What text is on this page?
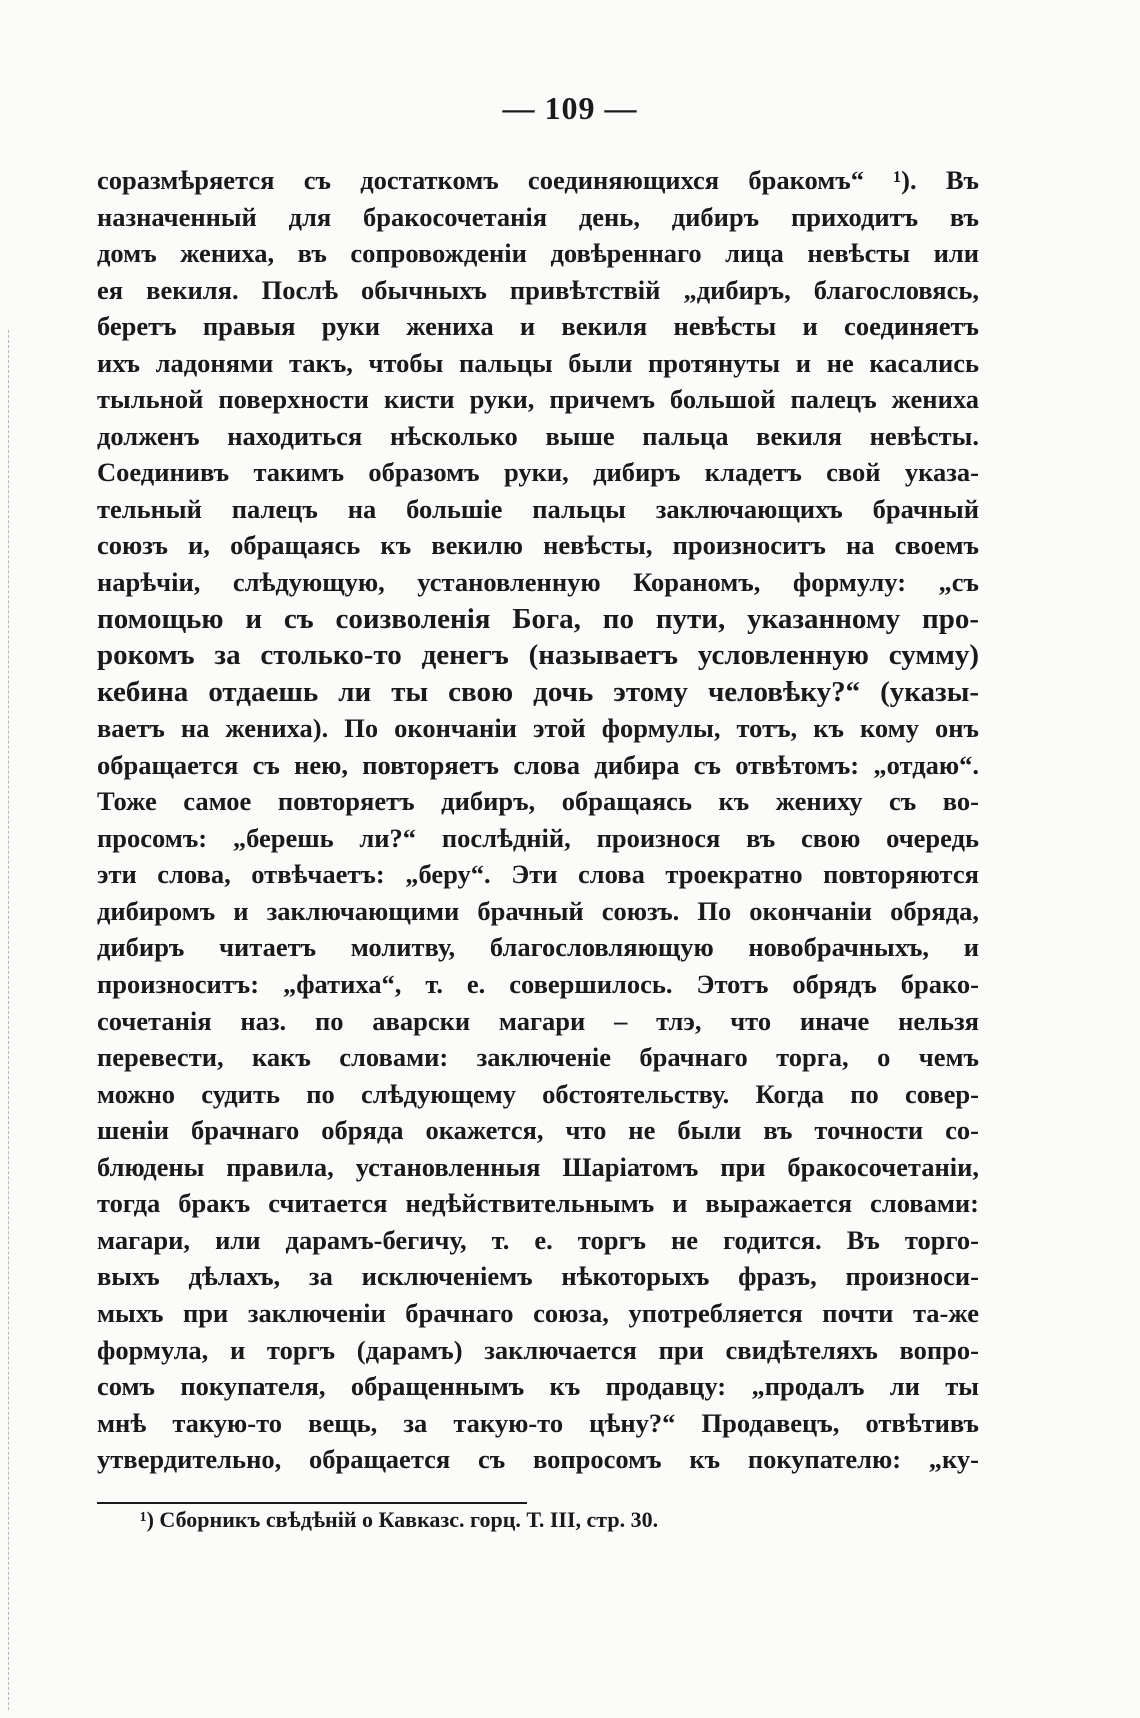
— 109 —
соразмѣряется съ достаткомъ соединяющихся бракомъ“ ¹). Въ
назначенный для бракосочетанія день, дибиръ приходитъ въ
домъ жениха, въ сопровожденіи довѣреннаго лица невѣсты или
ея векиля. Послѣ обычныхъ привѣтствій „дибиръ, благословясь,
беретъ правыя руки жениха и векиля невѣсты и соединяетъ
ихъ ладонями такъ, чтобы пальцы были протянуты и не касались
тыльной поверхности кисти руки, причемъ большой палецъ жениха
долженъ находиться нѣсколько выше пальца векиля невѣсты.
Соединивъ такимъ образомъ руки, дибиръ кладетъ свой указа-
тельный палецъ на большіе пальцы заключающихъ брачный
союзъ и, обращаясь къ векилю невѣсты, произноситъ на своемъ
нарѣчіи, слѣдующую, установленную Кораномъ, формулу: „съ
помощью и съ соизволенія Бога, по пути, указанному про-
рокомъ за столько-то денегъ (называетъ условленную сумму)
кебина отдаешь ли ты свою дочь этому человѣку?“ (указы-
ваетъ на жениха). По окончаніи этой формулы, тотъ, къ кому онъ
обращается съ нею, повторяетъ слова дибира съ отвѣтомъ: „отдаю“.
Тоже самое повторяетъ дибиръ, обращаясь къ жениху съ во-
просомъ: „берешь ли?“ послѣдній, произнося въ свою очередь
эти слова, отвѣчаетъ: „беру“. Эти слова троекратно повторяются
дибиромъ и заключающими брачный союзъ. По окончаніи обряда,
дибиръ читаетъ молитву, благословляющую новобрачныхъ, и
произноситъ: „фатиха“, т. е. совершилось. Этотъ обрядъ брако-
сочетанія наз. по аварски магари – тлэ, что иначе нельзя
перевести, какъ словами: заключеніе брачнаго торга, о чемъ
можно судить по слѣдующему обстоятельству. Когда по совер-
шеніи брачнаго обряда окажется, что не были въ точности со-
блюдены правила, установленныя Шаріатомъ при бракосочетаніи,
тогда бракъ считается недѣйствительнымъ и выражается словами:
магари, или дарамъ-бегичу, т. е. торгъ не годится. Въ торго-
выхъ дѣлахъ, за исключеніемъ нѣкоторыхъ фразъ, произноси-
мыхъ при заключеніи брачнаго союза, употребляется почти та-же
формула, и торгъ (дарамъ) заключается при свидѣтеляхъ вопро-
сомъ покупателя, обращеннымъ къ продавцу: „продалъ ли ты
мнѣ такую-то вещь, за такую-то цѣну?“ Продавецъ, отвѣтивъ
утвердительно, обращается съ вопросомъ къ покупателю: „ку-
¹) Сборникъ свѣдѣній о Кавказс. горц. Т. III, стр. 30.
